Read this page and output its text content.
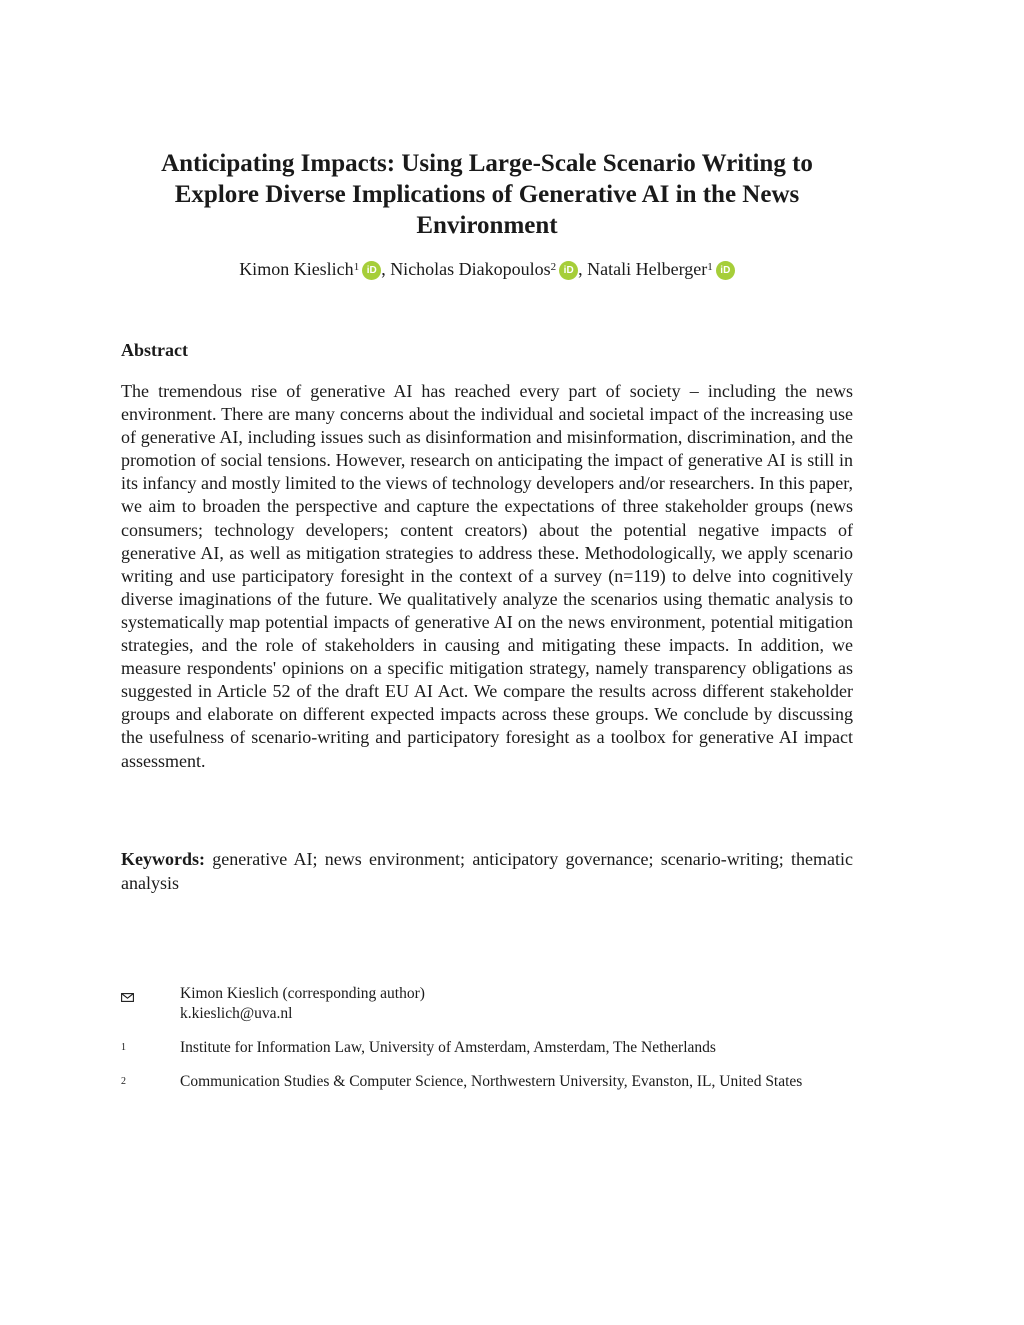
Anticipating Impacts: Using Large-Scale Scenario Writing to Explore Diverse Implications of Generative AI in the News Environment
Kimon Kieslich$^1$ iD , Nicholas Diakopoulos$^2$ iD , Natali Helberger$^1$ iD
Abstract

The tremendous rise of generative AI has reached every part of society – including the news environment. There are many concerns about the individual and societal impact of the increasing use of generative AI, including issues such as disinformation and misinformation, discrimination, and the promotion of social tensions. However, research on anticipating the impact of generative AI is still in its infancy and mostly limited to the views of technology developers and/or researchers. In this paper, we aim to broaden the perspective and capture the expectations of three stakeholder groups (news consumers; technology developers; content creators) about the potential negative impacts of generative AI, as well as mitigation strategies to address these. Methodologically, we apply scenario writing and use participatory foresight in the context of a survey (n=119) to delve into cognitively diverse imaginations of the future. We qualitatively analyze the scenarios using thematic analysis to systematically map potential impacts of generative AI on the news environment, potential mitigation strategies, and the role of stakeholders in causing and mitigating these impacts. In addition, we measure respondents' opinions on a specific mitigation strategy, namely transparency obligations as suggested in Article 52 of the draft EU AI Act. We compare the results across different stakeholder groups and elaborate on different expected impacts across these groups. We conclude by discussing the usefulness of scenario-writing and participatory foresight as a toolbox for generative AI impact assessment.

Keywords: generative AI; news environment; anticipatory governance; scenario-writing; thematic analysis

Kimon Kieslich (corresponding author)
k.kieslich@uva.nl
$^1$	Institute for Information Law, University of Amsterdam, Amsterdam, The Netherlands
$^2$	Communication Studies & Computer Science, Northwestern University, Evanston, IL, United States
